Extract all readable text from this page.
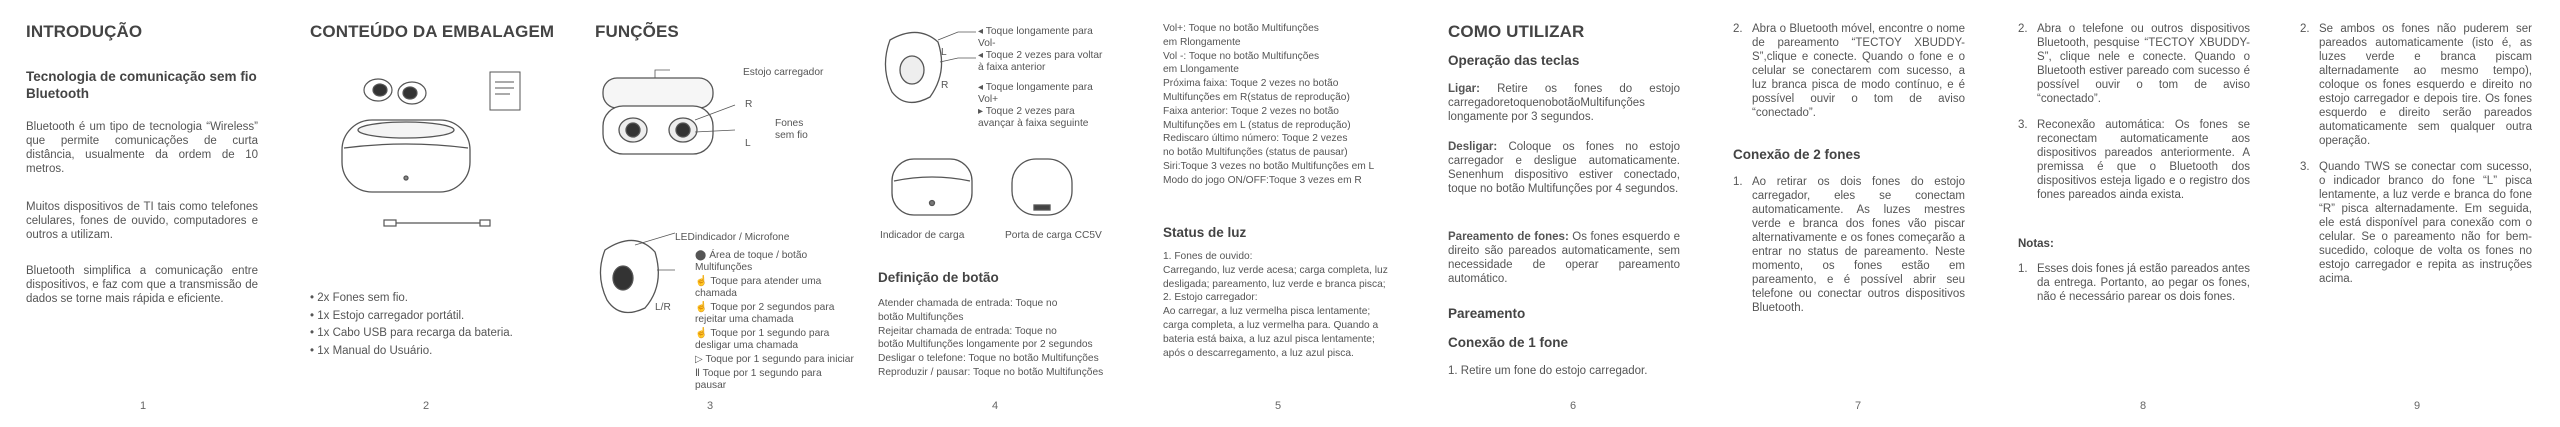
INTRODUÇÃO
Tecnologia de comunicação sem fio Bluetooth

Bluetooth é um tipo de tecnologia “Wireless” que permite comunicações de curta distância, usualmente da ordem de 10 metros.

Muitos dispositivos de TI tais como telefones celulares, fones de ouvido, computadores e outros a utilizam.

Bluetooth simplifica a comunicação entre dispositivos, e faz com que a transmissão de dados se torne mais rápida e eficiente.

1
CONTEÚDO DA EMBALAGEM
• 2x Fones sem fio.
• 1x Estojo carregador portátil.
• 1x Cabo USB para recarga da bateria.
• 1x Manual do Usuário.
2
FUNÇÕES
Estojo carregador
R
Fones
sem fio
L
LEDindicador / Microfone
L/R
⬤ Área de toque / botão Multifunções
☝ Toque para atender uma chamada
☝ Toque por 2 segundos para rejeitar uma chamada
☝ Toque por 1 segundo para desligar uma chamada
▷ Toque por 1 segundo para iniciar
Ⅱ Toque por 1 segundo para pausar
3
L
R
◂ Toque longamente para Vol-
◂ Toque 2 vezes para voltar à faixa anterior
◂ Toque longamente para Vol+
▸ Toque 2 vezes para avançar à faixa seguinte
Indicador de carga	Porta de carga CC5V
Definição de botão
Atender chamada de entrada: Toque no
botão Multifunções
Rejeitar chamada de entrada: Toque no
botão Multifunções longamente por 2 segundos
Desligar o telefone: Toque no botão Multifunções
Reproduzir / pausar: Toque no botão Multifunções
4
Vol+: Toque no botão Multifunções
em Rlongamente
Vol -: Toque no botão Multifunções
em Llongamente
Próxima faixa: Toque 2 vezes no botão
Multifunções em R(status de reprodução)
Faixa anterior: Toque 2 vezes no botão
Multifunções em L (status de reprodução)
Rediscaro último número: Toque 2 vezes
no botão Multifunções (status de pausar)
Siri:Toque 3 vezes no botão Multifunções em L
Modo do jogo ON/OFF:Toque 3 vezes em R
Status de luz
1. Fones de ouvido:
Carregando, luz verde acesa; carga completa, luz
desligada; pareamento, luz verde e branca pisca;
2. Estojo carregador:
Ao carregar, a luz vermelha pisca lentamente;
carga completa, a luz vermelha para. Quando a
bateria está baixa, a luz azul pisca lentamente;
após o descarregamento, a luz azul pisca.
5
COMO UTILIZAR
Operação das teclas

Ligar: Retire os fones do estojo carregadoretoquenobotãoMultifunções longamente por 3 segundos.

Desligar: Coloque os fones no estojo carregador e desligue automaticamente. Senenhum dispositivo estiver conectado, toque no botão Multifunções por 4 segundos.

Pareamento de fones: Os fones esquerdo e direito são pareados automaticamente, sem necessidade de operar pareamento automático.

Pareamento
Conexão de 1 fone

1. Retire um fone do estojo carregador.

6
2. Abra o Bluetooth móvel, encontre o nome de pareamento “TECTOY XBUDDY-S”,clique e conecte. Quando o fone e o celular se conectarem com sucesso, a luz branca pisca de modo contínuo, e é possível ouvir o tom de aviso “conectado”.
Conexão de 2 fones
1. Ao retirar os dois fones do estojo carregador, eles se conectam automaticamente. As luzes mestres verde e branca dos fones vão piscar alternativamente e os fones começarão a entrar no status de pareamento. Neste momento, os fones estão em pareamento, e é possível abrir seu telefone ou conectar outros dispositivos Bluetooth.
7
2. Abra o telefone ou outros dispositivos Bluetooth, pesquise “TECTOY XBUDDY-S”, clique nele e conecte. Quando o Bluetooth estiver pareado com sucesso é possível ouvir o tom de aviso “conectado”.
3. Reconexão automática: Os fones se reconectam automaticamente aos dispositivos pareados anteriormente. A premissa é que o Bluetooth dos dispositivos esteja ligado e o registro dos fones pareados ainda exista.
Notas:
1. Esses dois fones já estão pareados antes da entrega. Portanto, ao pegar os fones, não é necessário parear os dois fones.
8
2. Se ambos os fones não puderem ser pareados automaticamente (isto é, as luzes verde e branca piscam alternadamente ao mesmo tempo), coloque os fones esquerdo e direito no estojo carregador e depois tire. Os fones esquerdo e direito serão pareados automaticamente sem qualquer outra operação.
3. Quando TWS se conectar com sucesso, o indicador branco do fone “L” pisca lentamente, a luz verde e branca do fone “R” pisca alternadamente. Em seguida, ele está disponível para conexão com o celular. Se o pareamento não for bem-sucedido, coloque de volta os fones no estojo carregador e repita as instruções acima.
9
